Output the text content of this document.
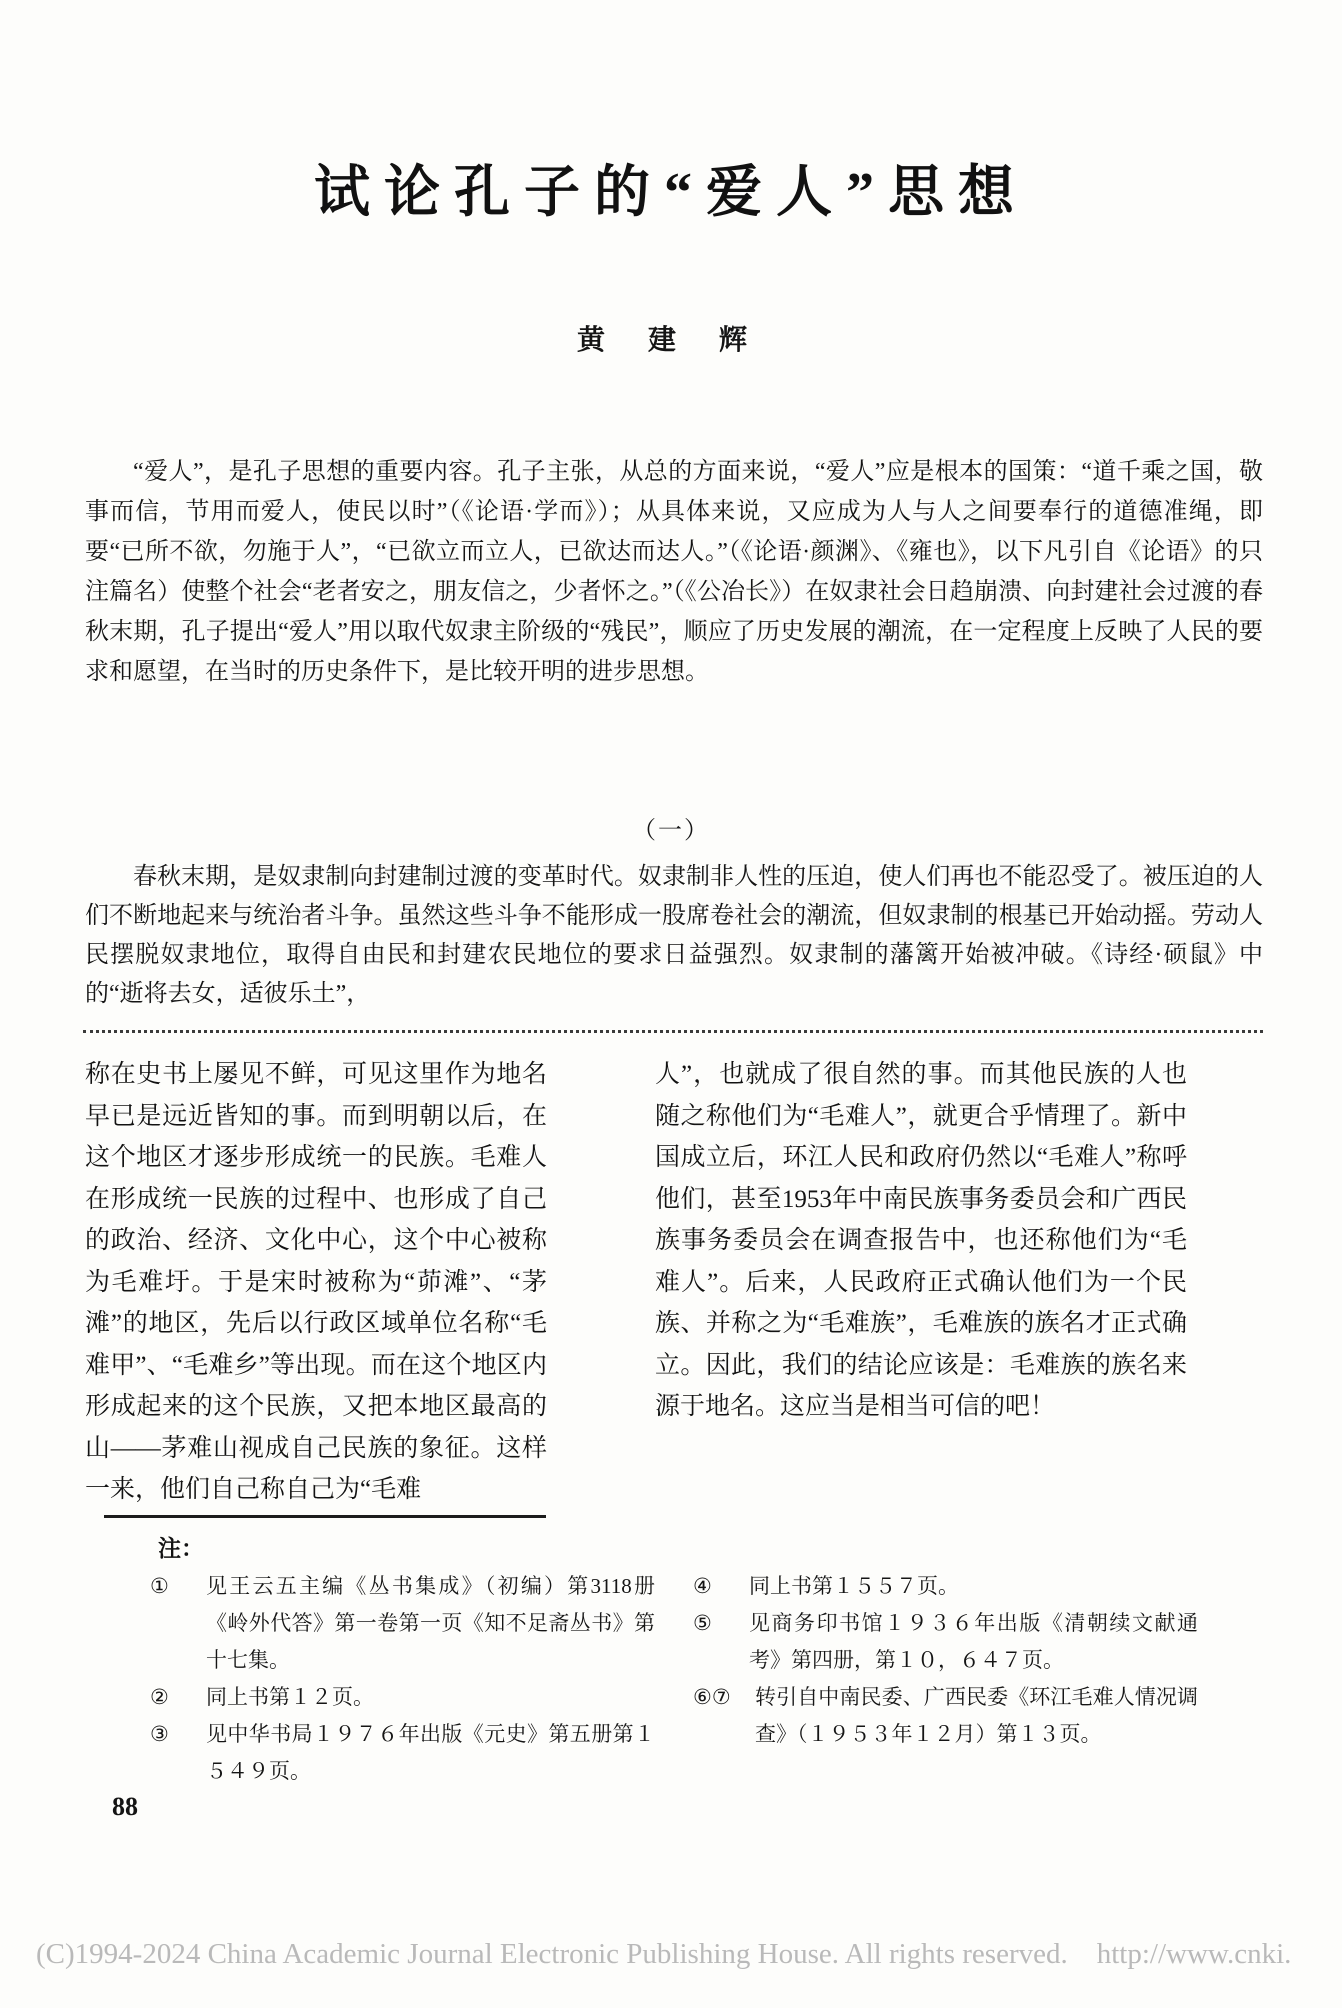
试论孔子的“爱人”思想
黄 建 辉

“爱人”，是孔子思想的重要内容。孔子主张，从总的方面来说，“爱人”应是根本的国策：“道千乘之国，敬事而信，节用而爱人，使民以时”（《论语·学而》）；从具体来说，又应成为人与人之间要奉行的道德准绳，即要“已所不欲，勿施于人”，“已欲立而立人，已欲达而达人。”（《论语·颜渊》、《雍也》，以下凡引自《论语》的只注篇名）使整个社会“老者安之，朋友信之，少者怀之。”（《公冶长》）在奴隶社会日趋崩溃、向封建社会过渡的春秋末期，孔子提出“爱人”用以取代奴隶主阶级的“残民”，顺应了历史发展的潮流，在一定程度上反映了人民的要求和愿望，在当时的历史条件下，是比较开明的进步思想。

（一）

春秋末期，是奴隶制向封建制过渡的变革时代。奴隶制非人性的压迫，使人们再也不能忍受了。被压迫的人们不断地起来与统治者斗争。虽然这些斗争不能形成一股席卷社会的潮流，但奴隶制的根基已开始动摇。劳动人民摆脱奴隶地位，取得自由民和封建农民地位的要求日益强烈。奴隶制的藩篱开始被冲破。《诗经·硕鼠》中的“逝将去女，适彼乐土”，

称在史书上屡见不鲜，可见这里作为地名早已是远近皆知的事。而到明朝以后，在这个地区才逐步形成统一的民族。毛难人在形成统一民族的过程中、也形成了自己的政治、经济、文化中心，这个中心被称为毛难圩。于是宋时被称为“茆滩”、“茅滩”的地区，先后以行政区域单位名称“毛难甲”、“毛难乡”等出现。而在这个地区内形成起来的这个民族，又把本地区最高的山——茅难山视成自己民族的象征。这样一来，他们自己称自己为“毛难

人”，也就成了很自然的事。而其他民族的人也随之称他们为“毛难人”，就更合乎情理了。新中国成立后，环江人民和政府仍然以“毛难人”称呼他们，甚至1953年中南民族事务委员会和广西民族事务委员会在调查报告中，也还称他们为“毛难人”。后来，人民政府正式确认他们为一个民族、并称之为“毛难族”，毛难族的族名才正式确立。因此，我们的结论应该是：毛难族的族名来源于地名。这应当是相当可信的吧！

注：
①	见王云五主编《丛书集成》（初编）第3118册《岭外代答》第一卷第一页《知不足斋丛书》第十七集。
②	同上书第１２页。
③	见中华书局１９７６年出版《元史》第五册第１５４９页。
④	同上书第１５５７页。
⑤	见商务印书馆１９３６年出版《清朝续文献通考》第四册，第１０，６４７页。
⑥⑦	转引自中南民委、广西民委《环江毛难人情况调查》（１９５３年１２月）第１３页。
88
(C)1994-2024 China Academic Journal Electronic Publishing House. All rights reserved.    http://www.cnki.
